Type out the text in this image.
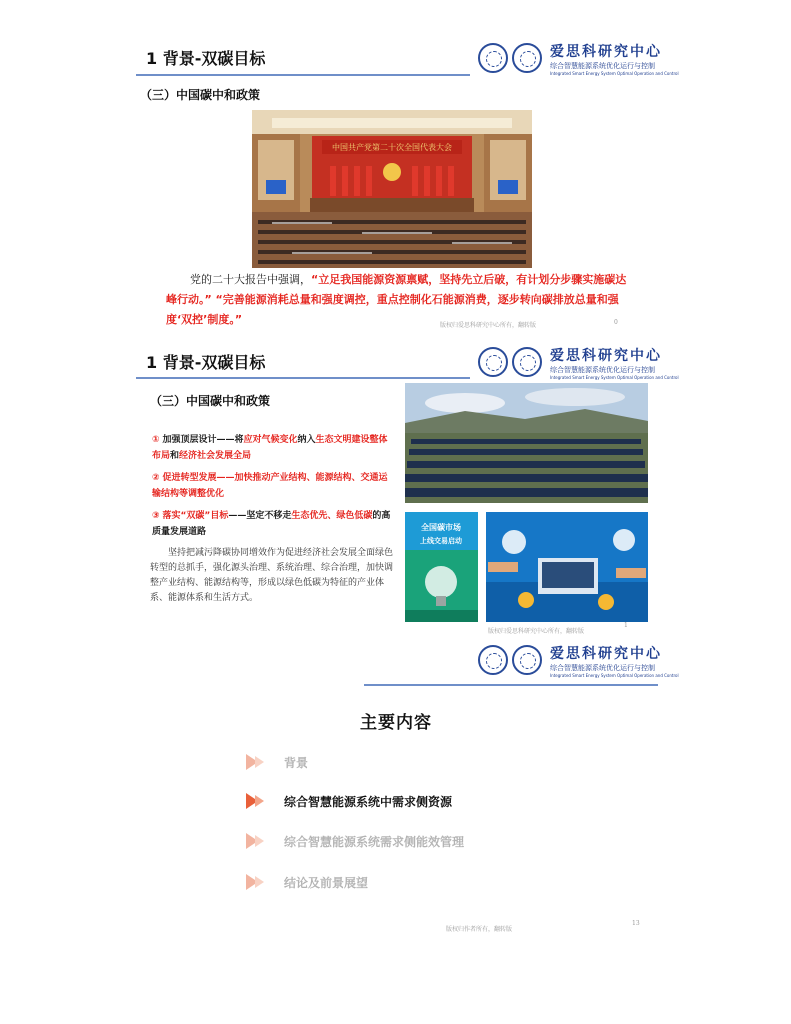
1 背景-双碳目标	爱思科研究中心
综合智慧能源系统优化运行与控制
Integrated Smart Energy System Optimal Operation and Control
（三）中国碳中和政策
中国共产党第二十次全国代表大会
党的二十大报告中强调，“立足我国能源资源禀赋，坚持先立后破，有计划分步骤实施碳达峰行动。” “完善能源消耗总量和强度调控，重点控制化石能源消费，逐步转向碳排放总量和强度‘双控’制度。”	版权归爱思科研究中心所有，翻转版	0
1 背景-双碳目标	爱思科研究中心
综合智慧能源系统优化运行与控制
Integrated Smart Energy System Optimal Operation and Control
（三）中国碳中和政策
① 加强顶层设计——将应对气候变化纳入生态文明建设整体布局和经济社会发展全局
② 促进转型发展——加快推动产业结构、能源结构、交通运输结构等调整优化
③ 落实“双碳”目标——坚定不移走生态优先、绿色低碳的高质量发展道路
坚持把减污降碳协同增效作为促进经济社会发展全面绿色转型的总抓手，强化源头治理、系统治理、综合治理，加快调整产业结构、能源结构等，形成以绿色低碳为特征的产业体系、能源体系和生活方式。
全国碳市场
上线交易启动
版权归爱思科研究中心所有，翻转版
1
爱思科研究中心
综合智慧能源系统优化运行与控制
Integrated Smart Energy System Optimal Operation and Control
主要内容
背景
综合智慧能源系统中需求侧资源
综合智慧能源系统需求侧能效管理
结论及前景展望
版权归作者所有，翻转版
13
